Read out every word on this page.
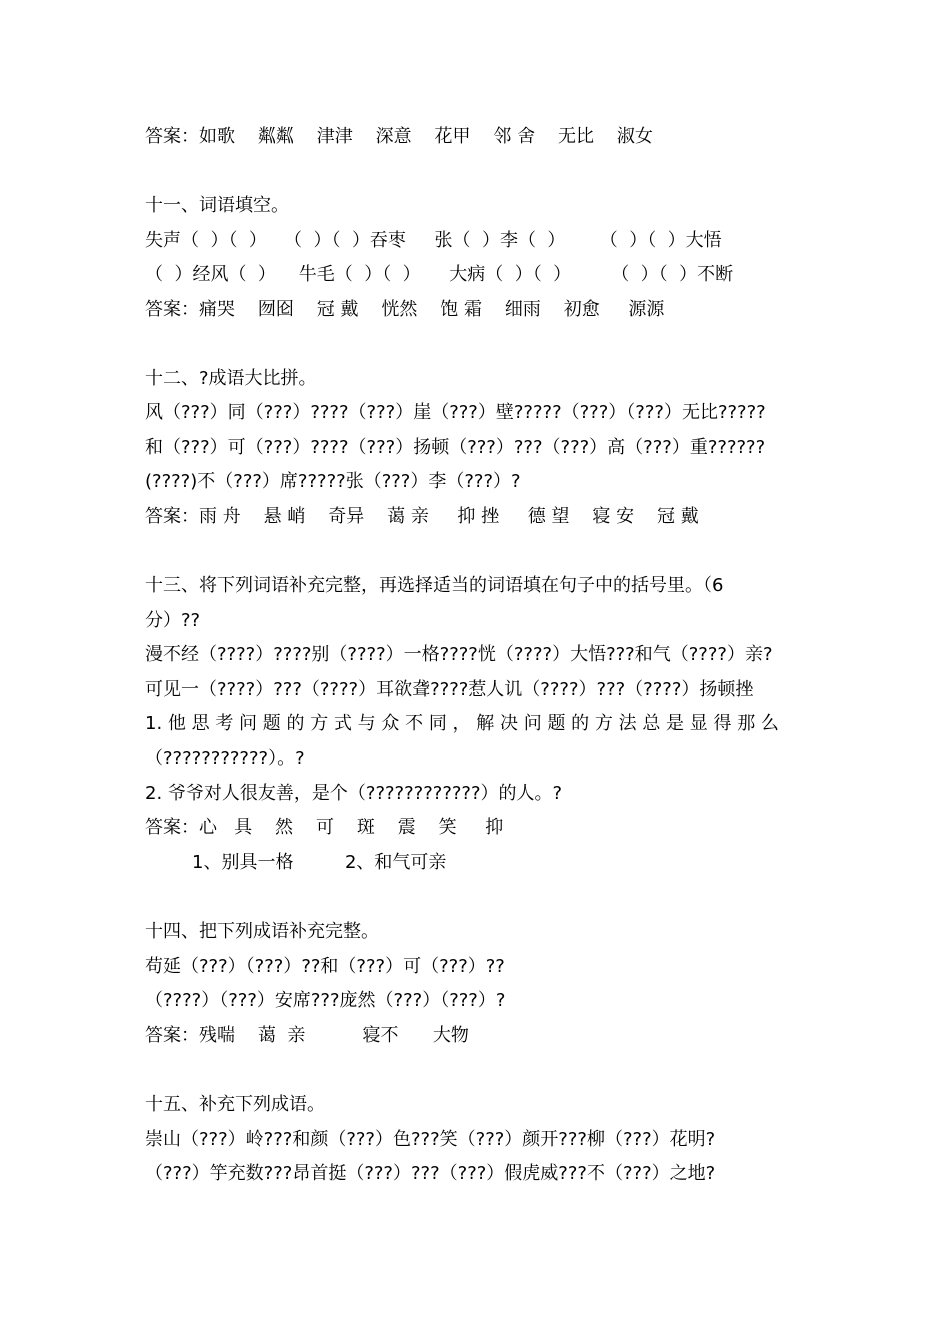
答案：如歌    粼粼    津津    深意    花甲    邻 舍    无比    淑女
十一、词语填空。
失声（  ）（  ）   （  ）（  ）吞枣     张（  ）李（  ）      （  ）（  ）大悟
（  ）经风（  ）    牛毛（  ）（  ）     大病（  ）（  ）       （  ）（  ）不断
答案：痛哭    囫囵    冠 戴    恍然    饱 霜    细雨    初愈     源源
十二、?成语大比拼。
风（???）同（???）????（???）崖（???）壁?????（???）（???）无比?????
和（???）可（???）????（???）扬顿（???）???（???）高（???）重??????
(????)不（???）席?????张（???）李（???）?
答案：雨 舟    悬 峭    奇异    蔼 亲     抑 挫     德 望    寝 安    冠 戴
十三、将下列词语补充完整，再选择适当的词语填在句子中的括号里。（6
分）??
漫不经（????）????别（????）一格????恍（????）大悟???和气（????）亲?
可见一（????）???（????）耳欲聋????惹人讥（????）???（????）扬顿挫
1. 他 思 考 问 题 的 方 式 与 众 不 同 ， 解 决 问 题 的 方 法 总 是 显 得 那 么
（???????????）。?
2. 爷爷对人很友善，是个（????????????）的人。?
答案：心   具    然    可    斑    震    笑     抑
1、别具一格         2、和气可亲
十四、把下列成语补充完整。
苟延（???）（???）??和（???）可（???）??
（????）（???）安席???庞然（???）（???）?
答案：残喘    蔼  亲          寝不      大物
十五、补充下列成语。
崇山（???）岭???和颜（???）色???笑（???）颜开???柳（???）花明?
（???）竽充数???昂首挺（???）???（???）假虎威???不（???）之地?
